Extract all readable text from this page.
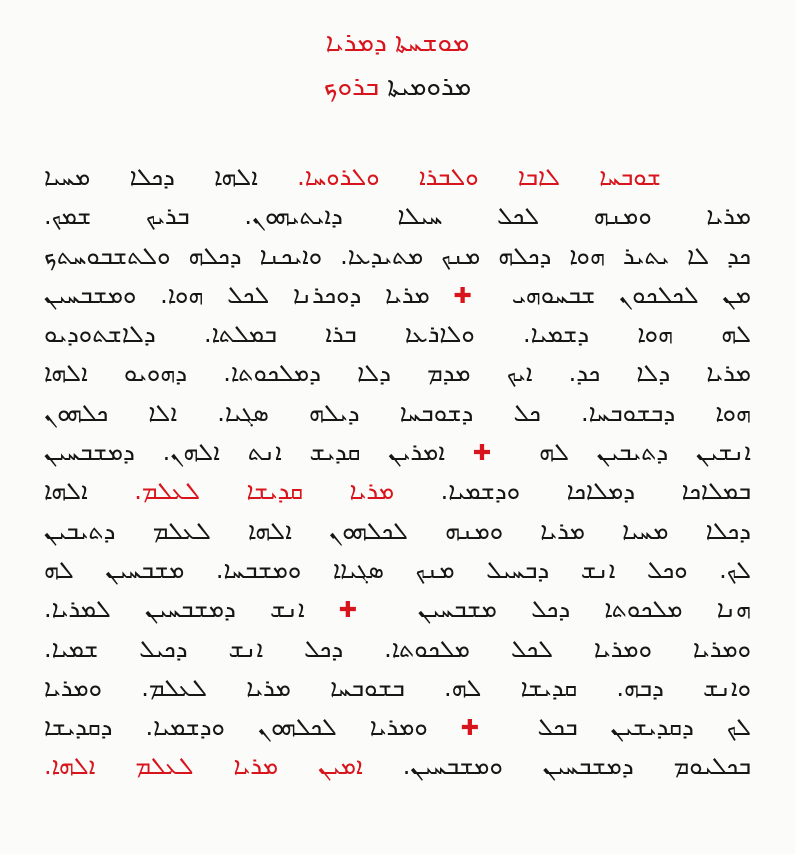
ܡܘܫܚܬܐ ܕܡܪܝܐ
ܡܪܘܡܝܬܐ ܒܪܘܟ
ܫܘܒܚܐ ܠܐܒܐ ܘܠܒܪܐ ܘܠܪܘܚܐ. ܐܠܗܐ ܕܟܠܐ ܡܚܝܐ
ܡܪܝܐ ܘܡܢܗ ܠܟܠ ܚܝܠܐ ܕܐܝܬܝܗܘܢ. ܒܪܝܟ ܫܡܟ.
ܟܕ ܠܐ ܝܬܝܪ ܗܘܐ ܕܟܠܗ ܡܢܟ ܡܬܝܕܥܐ. ܘܐܝܟܢܐ ܕܟܠܗ ܘܠܬܫܒܘܚܬܟ
ܡܢ ܠܟܠܟܘܢ ܫܒܚܘܗܝ ✚ ܡܪܝܐ ܕܘܟܪܢܐ ܠܟܠ ܗܘܐ. ܘܡܫܒܚܝܢ
ܠܗ ܗܘܐ ܕܫܡܝܐ. ܘܠܐܪܥܐ ܒܪܐ ܒܡܠܬܐ. ܕܠܐܫܬܘܕܝܘ
ܡܪܝܐ ܕܠܐ ܟܕ. ܐܝܟ ܡܕܡ ܕܠܐ ܕܡܠܟܘܬܐ. ܕܗܘܝܘ ܐܠܗܐ
ܗܘܐ ܕܒܫܘܒܚܐ. ܟܠ ܕܫܘܒܚܐ ܕܝܠܗ ܣܓܝܐ. ܐܠܐ ܟܠܗܘܢ
ܐܢܫܝܢ ܕܬܝܒܝܢ ܠܗ ✚ ܐܡܪܝܢ ܩܕܝܫ ܐܢܬ ܐܠܗܢ. ܕܡܫܒܚܝܢ
ܒܡܠܐܟܐ ܕܡܠܐܟܐ ܘܕܫܡܝܐ. ܡܪܝܐ ܩܕܝܫܐ ܠܥܠܡ. ܐܠܗܐ
ܕܟܠܐ ܡܚܝܐ ܡܪܝܐ ܘܡܢܗ ܠܟܠܗܘܢ ܐܠܗܐ ܠܥܠܡ ܕܬܝܒܝܢ
ܠܟ. ܘܟܠ ܐܢܫ ܕܒܚܝܠ ܡܢܟ ܣܓܝܐܐ ܘܡܫܒܚܐ. ܡܫܒܚܝܢ ܠܗ
ܗܢܐ ܡܠܟܘܬܐ ܕܟܠ ܡܫܒܚܝܢ ✚ ܐܢܫ ܕܡܫܒܚܝܢ ܠܡܪܝܐ.
ܘܡܪܝܐ ܘܡܪܝܐ ܠܟܠ ܡܠܟܘܬܐ. ܕܟܠ ܐܢܫ ܕܟܝܠ ܫܡܝܐ.
ܘܐܢܫ ܕܒܗ. ܩܕܝܫܐ ܠܗ. ܒܫܘܒܚܐ ܡܪܝܐ ܠܥܠܡ. ܘܡܪܝܐ
ܠܟ ܕܩܕܝܫܝܢ ܒܟܠ ✚ ܘܡܪܝܐ ܠܟܠܗܘܢ ܘܕܫܡܝܐ. ܕܩܕܝܫܐ
ܒܟܠܝܘܡ ܕܡܫܒܚܝܢ ܘܡܫܒܚܝܢ. ܐܡܝܢ ܡܪܝܐ ܠܥܠܡ ܐܠܗܐ.
